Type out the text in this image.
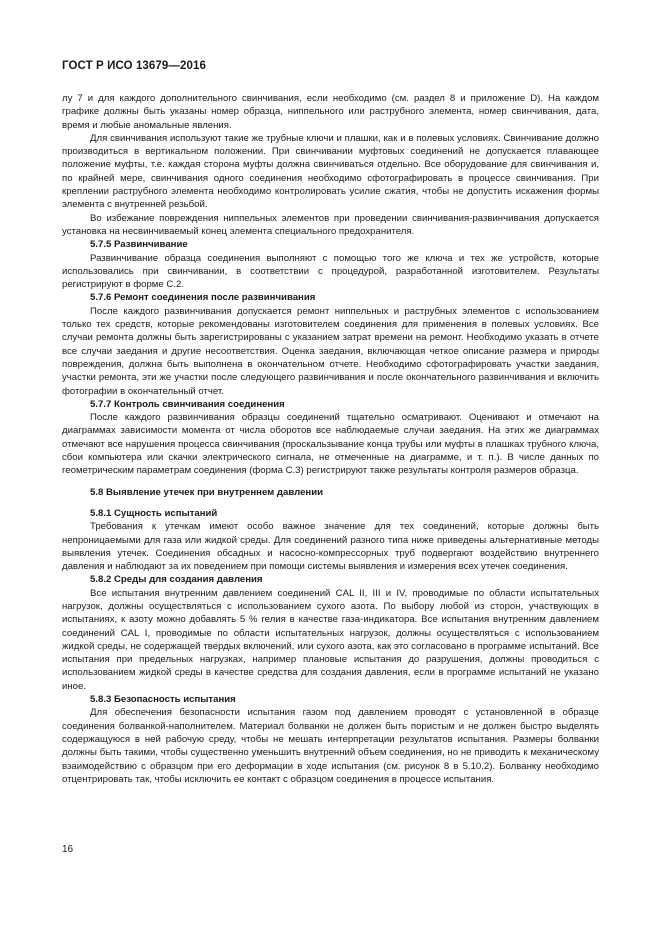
ГОСТ Р ИСО 13679—2016

лу 7 и для каждого дополнительного свинчивания, если необходимо (см. раздел 8 и приложение D). На каждом графике должны быть указаны номер образца, ниппельного или раструбного элемента, номер свинчивания, дата, время и любые аномальные явления.

Для свинчивания используют такие же трубные ключи и плашки, как и в полевых условиях. Свинчивание должно производиться в вертикальном положении. При свинчивании муфтовых соединений не допускается плавающее положение муфты, т.е. каждая сторона муфты должна свинчиваться отдельно. Все оборудование для свинчивания и, по крайней мере, свинчивания одного соединения необходимо сфотографировать в процессе свинчивания. При креплении раструбного элемента необходимо контролировать усилие сжатия, чтобы не допустить искажения формы элемента с внутренней резьбой.

Во избежание повреждения ниппельных элементов при проведении свинчивания-развинчивания допускается установка на несвинчиваемый конец элемента специального предохранителя.

5.7.5 Развинчивание

Развинчивание образца соединения выполняют с помощью того же ключа и тех же устройств, которые использовались при свинчивании, в соответствии с процедурой, разработанной изготовителем. Результаты регистрируют в форме С.2.

5.7.6 Ремонт соединения после развинчивания

После каждого развинчивания допускается ремонт ниппельных и раструбных элементов с использованием только тех средств, которые рекомендованы изготовителем соединения для применения в полевых условиях. Все случаи ремонта должны быть зарегистрированы с указанием затрат времени на ремонт. Необходимо указать в отчете все случаи заедания и другие несоответствия. Оценка заедания, включающая четкое описание размера и природы повреждения, должна быть выполнена в окончательном отчете. Необходимо сфотографировать участки заедания, участки ремонта, эти же участки после следующего развинчивания и после окончательного развинчивания и включить фотографии в окончательный отчет.

5.7.7 Контроль свинчивания соединения

После каждого развинчивания образцы соединений тщательно осматривают. Оценивают и отмечают на диаграммах зависимости момента от числа оборотов все наблюдаемые случаи заедания. На этих же диаграммах отмечают все нарушения процесса свинчивания (проскальзывание конца трубы или муфты в плашках трубного ключа, сбои компьютера или скачки электрического сигнала, не отмеченные на диаграмме, и т. п.). В числе данных по геометрическим параметрам соединения (форма С.3) регистрируют также результаты контроля размеров образца.

5.8 Выявление утечек при внутреннем давлении
5.8.1 Сущность испытаний

Требования к утечкам имеют особо важное значение для тех соединений, которые должны быть непроницаемыми для газа или жидкой среды. Для соединений разного типа ниже приведены альтернативные методы выявления утечек. Соединения обсадных и насосно-компрессорных труб подвергают воздействию внутреннего давления и наблюдают за их поведением при помощи системы выявления и измерения всех утечек соединения.

5.8.2 Среды для создания давления

Все испытания внутренним давлением соединений CAL II, III и IV, проводимые по области испытательных нагрузок, должны осуществляться с использованием сухого азота. По выбору любой из сторон, участвующих в испытаниях, к азоту можно добавлять 5 % гелия в качестве газа-индикатора. Все испытания внутренним давлением соединений CAL I, проводимые по области испытательных нагрузок, должны осуществляться с использованием жидкой среды, не содержащей твердых включений, или сухого азота, как это согласовано в программе испытаний. Все испытания при предельных нагрузках, например плановые испытания до разрушения, должны проводиться с использованием жидкой среды в качестве средства для создания давления, если в программе испытаний не указано иное.

5.8.3 Безопасность испытания

Для обеспечения безопасности испытания газом под давлением проводят с установленной в образце соединения болванкой-наполнителем. Материал болванки не должен быть пористым и не должен быстро выделять содержащуюся в ней рабочую среду, чтобы не мешать интерпретации результатов испытания. Размеры болванки должны быть такими, чтобы существенно уменьшить внутренний объем соединения, но не приводить к механическому взаимодействию с образцом при его деформации в ходе испытания (см. рисунок 8 в 5.10.2). Болванку необходимо отцентрировать так, чтобы исключить ее контакт с образцом соединения в процессе испытания.

16
